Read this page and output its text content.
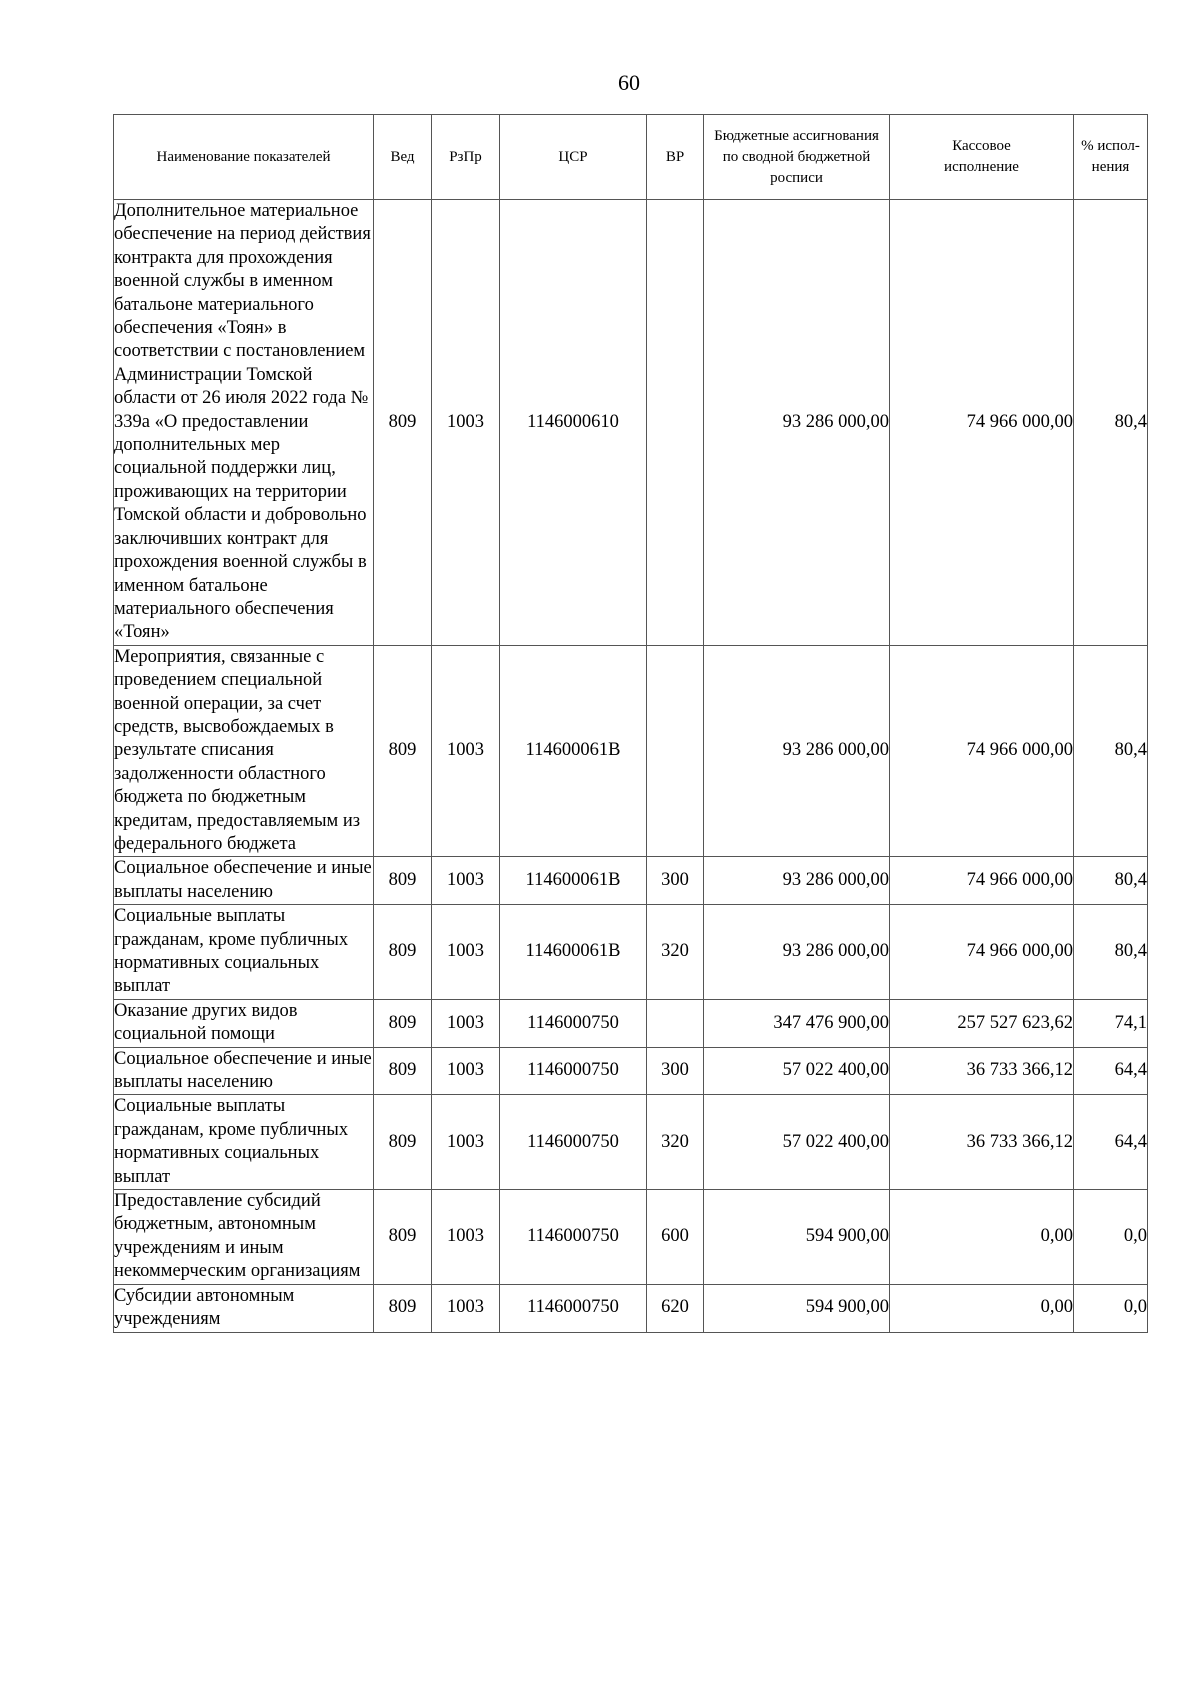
60
Наименование показателей	Вед	РзПр	ЦСР	ВР	Бюджетные ассигнования по сводной бюджетной росписи	Кассовое исполнение	% испол-нения
Дополнительное материальное обеспечение на период действия контракта для прохождения военной службы в именном батальоне материального обеспечения «Тоян» в соответствии с постановлением Администрации Томской области от 26 июля 2022 года № 339а «О предоставлении дополнительных мер социальной поддержки лиц, проживающих на территории Томской области и добровольно заключивших контракт для прохождения военной службы в именном батальоне материального обеспечения «Тоян»	809	1003	1146000610		93 286 000,00	74 966 000,00	80,4
Мероприятия, связанные с проведением специальной военной операции, за счет средств, высвобождаемых в результате списания задолженности областного бюджета по бюджетным кредитам, предоставляемым из федерального бюджета	809	1003	114600061В		93 286 000,00	74 966 000,00	80,4
Социальное обеспечение и иные выплаты населению	809	1003	114600061В	300	93 286 000,00	74 966 000,00	80,4
Социальные выплаты гражданам, кроме публичных нормативных социальных выплат	809	1003	114600061В	320	93 286 000,00	74 966 000,00	80,4
Оказание других видов социальной помощи	809	1003	1146000750		347 476 900,00	257 527 623,62	74,1
Социальное обеспечение и иные выплаты населению	809	1003	1146000750	300	57 022 400,00	36 733 366,12	64,4
Социальные выплаты гражданам, кроме публичных нормативных социальных выплат	809	1003	1146000750	320	57 022 400,00	36 733 366,12	64,4
Предоставление субсидий бюджетным, автономным учреждениям и иным некоммерческим организациям	809	1003	1146000750	600	594 900,00	0,00	0,0
Субсидии автономным учреждениям	809	1003	1146000750	620	594 900,00	0,00	0,0
